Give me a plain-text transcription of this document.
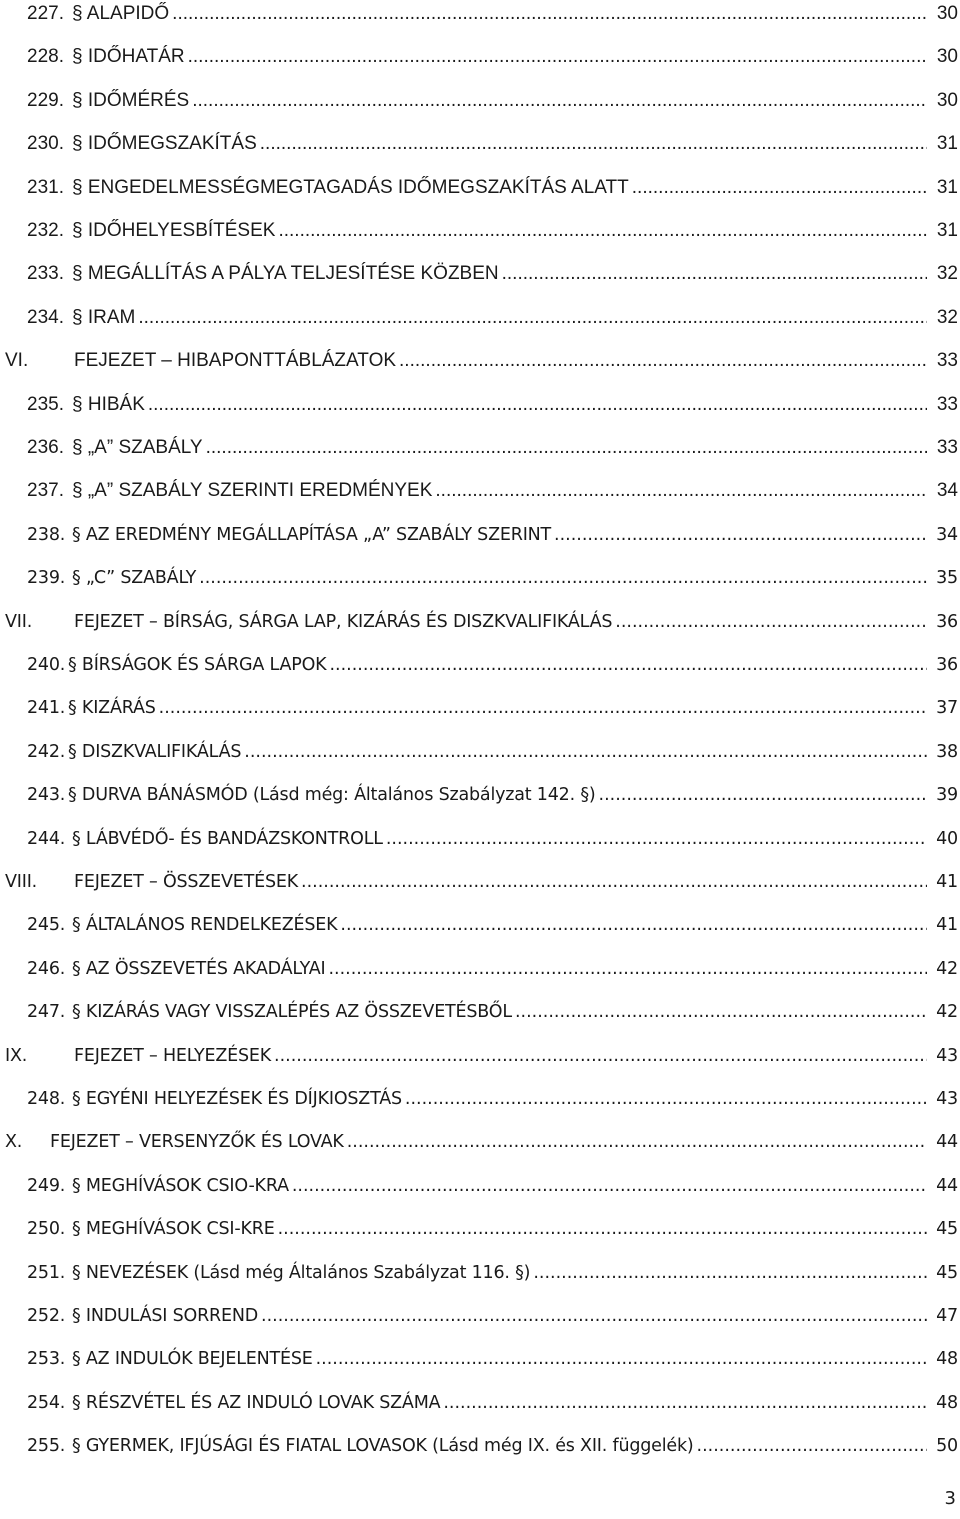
227. § ALAPIDŐ .....	30
228. § IDŐHATÁR .....	30
229. § IDŐMÉRÉS .....	30
230. § IDŐMEGSZAKÍTÁS .....	31
231. § ENGEDELMESSÉGMEGTAGADÁS IDŐMEGSZAKÍTÁS ALATT .....	31
232. § IDŐHELYESBÍTÉSEK .....	31
233. § MEGÁLLÍTÁS A PÁLYA TELJESÍTÉSE KÖZBEN .....	32
234. § IRAM .....	32
VI. FEJEZET – HIBAPONTTÁBLÁZATOK .....	33
235. § HIBÁK .....	33
236. § „A” SZABÁLY .....	33
237. § „A” SZABÁLY SZERINTI EREDMÉNYEK .....	34
238. § AZ EREDMÉNY MEGÁLLAPÍTÁSA „A” SZABÁLY SZERINT .....	34
239. § „C” SZABÁLY .....	35
VII. FEJEZET – BÍRSÁG, SÁRGA LAP, KIZÁRÁS ÉS DISZKVALIFIKÁLÁS .....	36
240. § BÍRSÁGOK ÉS SÁRGA LAPOK .....	36
241. § KIZÁRÁS .....	37
242. § DISZKVALIFIKÁLÁS .....	38
243. § DURVA BÁNÁSMÓD (Lásd még: Általános Szabályzat 142. §) .....	39
244. § LÁBVÉDŐ- ÉS BANDÁZSKONTROLL .....	40
VIII. FEJEZET – ÖSSZEVETÉSEK .....	41
245. § ÁLTALÁNOS RENDELKEZÉSEK .....	41
246. § AZ ÖSSZEVETÉS AKADÁLYAI .....	42
247. § KIZÁRÁS VAGY VISSZALÉPÉS AZ ÖSSZEVETÉSBŐL .....	42
IX.	FEJEZET – HELYEZÉSEK .....	43
248. § EGYÉNI HELYEZÉSEK ÉS DÍJKIOSZTÁS .....	43
X. FEJEZET – VERSENYZŐK ÉS LOVAK .....	44
249. § MEGHÍVÁSOK CSIO-KRA .....	44
250. § MEGHÍVÁSOK CSI-KRE .....	45
251. § NEVEZÉSEK (Lásd még Általános Szabályzat 116. §) .....	45
252. § INDULÁSI SORREND .....	47
253. § AZ INDULÓK BEJELENTÉSE .....	48
254. § RÉSZVÉTEL ÉS AZ INDULÓ LOVAK SZÁMA .....	48
255. § GYERMEK, IFJÚSÁGI ÉS FIATAL LOVASOK (Lásd még IX. és XII. függelék) .....	50
3
